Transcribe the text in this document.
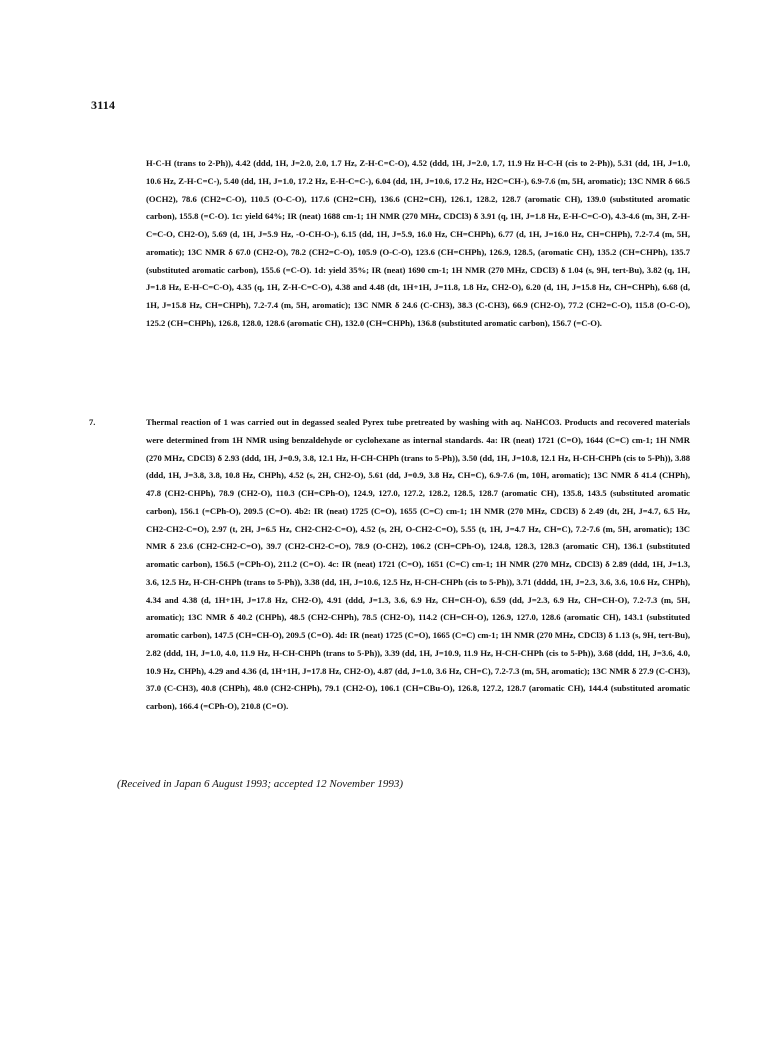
3114
H-C-H (trans to 2-Ph)), 4.42 (ddd, 1H, J=2.0, 2.0, 1.7 Hz, Z-H-C=C-O), 4.52 (ddd, 1H, J=2.0, 1.7, 11.9 Hz H-C-H (cis to 2-Ph)), 5.31 (dd, 1H, J=1.0, 10.6 Hz, Z-H-C=C-), 5.40 (dd, 1H, J=1.0, 17.2 Hz, E-H-C=C-), 6.04 (dd, 1H, J=10.6, 17.2 Hz, H2C=CH-), 6.9-7.6 (m, 5H, aromatic); 13C NMR δ 66.5 (OCH2), 78.6 (CH2=C-O), 110.5 (O-C-O), 117.6 (CH2=CH), 136.6 (CH2=CH), 126.1, 128.2, 128.7 (aromatic CH), 139.0 (substituted aromatic carbon), 155.8 (=C-O). 1c: yield 64%; IR (neat) 1688 cm-1; 1H NMR (270 MHz, CDCl3) δ 3.91 (q, 1H, J=1.8 Hz, E-H-C=C-O), 4.3-4.6 (m, 3H, Z-H-C=C-O, CH2-O), 5.69 (d, 1H, J=5.9 Hz, -O-CH-O-), 6.15 (dd, 1H, J=5.9, 16.0 Hz, CH=CHPh), 6.77 (d, 1H, J=16.0 Hz, CH=CHPh), 7.2-7.4 (m, 5H, aromatic); 13C NMR δ 67.0 (CH2-O), 78.2 (CH2=C-O), 105.9 (O-C-O), 123.6 (CH=CHPh), 126.9, 128.5, (aromatic CH), 135.2 (CH=CHPh), 135.7 (substituted aromatic carbon), 155.6 (=C-O). 1d: yield 35%; IR (neat) 1690 cm-1; 1H NMR (270 MHz, CDCl3) δ 1.04 (s, 9H, tert-Bu), 3.82 (q, 1H, J=1.8 Hz, E-H-C=C-O), 4.35 (q, 1H, Z-H-C=C-O), 4.38 and 4.48 (dt, 1H+1H, J=11.8, 1.8 Hz, CH2-O), 6.20 (d, 1H, J=15.8 Hz, CH=CHPh), 6.68 (d, 1H, J=15.8 Hz, CH=CHPh), 7.2-7.4 (m, 5H, aromatic); 13C NMR δ 24.6 (C-CH3), 38.3 (C-CH3), 66.9 (CH2-O), 77.2 (CH2=C-O), 115.8 (O-C-O), 125.2 (CH=CHPh), 126.8, 128.0, 128.6 (aromatic CH), 132.0 (CH=CHPh), 136.8 (substituted aromatic carbon), 156.7 (=C-O).
7.	Thermal reaction of 1 was carried out in degassed sealed Pyrex tube pretreated by washing with aq. NaHCO3. Products and recovered materials were determined from 1H NMR using benzaldehyde or cyclohexane as internal standards. 4a: IR (neat) 1721 (C=O), 1644 (C=C) cm-1; 1H NMR (270 MHz, CDCl3) δ 2.93 (ddd, 1H, J=0.9, 3.8, 12.1 Hz, H-CH-CHPh (trans to 5-Ph)), 3.50 (dd, 1H, J=10.8, 12.1 Hz, H-CH-CHPh (cis to 5-Ph)), 3.88 (ddd, 1H, J=3.8, 3.8, 10.8 Hz, CHPh), 4.52 (s, 2H, CH2-O), 5.61 (dd, J=0.9, 3.8 Hz, CH=C), 6.9-7.6 (m, 10H, aromatic); 13C NMR δ 41.4 (CHPh), 47.8 (CH2-CHPh), 78.9 (CH2-O), 110.3 (CH=CPh-O), 124.9, 127.0, 127.2, 128.2, 128.5, 128.7 (aromatic CH), 135.8, 143.5 (substituted aromatic carbon), 156.1 (=CPh-O), 209.5 (C=O). 4b2: IR (neat) 1725 (C=O), 1655 (C=C) cm-1; 1H NMR (270 MHz, CDCl3) δ 2.49 (dt, 2H, J=4.7, 6.5 Hz, CH2-CH2-C=O), 2.97 (t, 2H, J=6.5 Hz, CH2-CH2-C=O), 4.52 (s, 2H, O-CH2-C=O), 5.55 (t, 1H, J=4.7 Hz, CH=C), 7.2-7.6 (m, 5H, aromatic); 13C NMR δ 23.6 (CH2-CH2-C=O), 39.7 (CH2-CH2-C=O), 78.9 (O-CH2), 106.2 (CH=CPh-O), 124.8, 128.3, 128.3 (aromatic CH), 136.1 (substituted aromatic carbon), 156.5 (=CPh-O), 211.2 (C=O). 4c: IR (neat) 1721 (C=O), 1651 (C=C) cm-1; 1H NMR (270 MHz, CDCl3) δ 2.89 (ddd, 1H, J=1.3, 3.6, 12.5 Hz, H-CH-CHPh (trans to 5-Ph)), 3.38 (dd, 1H, J=10.6, 12.5 Hz, H-CH-CHPh (cis to 5-Ph)), 3.71 (dddd, 1H, J=2.3, 3.6, 3.6, 10.6 Hz, CHPh), 4.34 and 4.38 (d, 1H+1H, J=17.8 Hz, CH2-O), 4.91 (ddd, J=1.3, 3.6, 6.9 Hz, CH=CH-O), 6.59 (dd, J=2.3, 6.9 Hz, CH=CH-O), 7.2-7.3 (m, 5H, aromatic); 13C NMR δ 40.2 (CHPh), 48.5 (CH2-CHPh), 78.5 (CH2-O), 114.2 (CH=CH-O), 126.9, 127.0, 128.6 (aromatic CH), 143.1 (substituted aromatic carbon), 147.5 (CH=CH-O), 209.5 (C=O). 4d: IR (neat) 1725 (C=O), 1665 (C=C) cm-1; 1H NMR (270 MHz, CDCl3) δ 1.13 (s, 9H, tert-Bu), 2.82 (ddd, 1H, J=1.0, 4.0, 11.9 Hz, H-CH-CHPh (trans to 5-Ph)), 3.39 (dd, 1H, J=10.9, 11.9 Hz, H-CH-CHPh (cis to 5-Ph)), 3.68 (ddd, 1H, J=3.6, 4.0, 10.9 Hz, CHPh), 4.29 and 4.36 (d, 1H+1H, J=17.8 Hz, CH2-O), 4.87 (dd, J=1.0, 3.6 Hz, CH=C), 7.2-7.3 (m, 5H, aromatic); 13C NMR δ 27.9 (C-CH3), 37.0 (C-CH3), 40.8 (CHPh), 48.0 (CH2-CHPh), 79.1 (CH2-O), 106.1 (CH=CBu-O), 126.8, 127.2, 128.7 (aromatic CH), 144.4 (substituted aromatic carbon), 166.4 (=CPh-O), 210.8 (C=O).
(Received in Japan 6 August 1993; accepted 12 November 1993)
